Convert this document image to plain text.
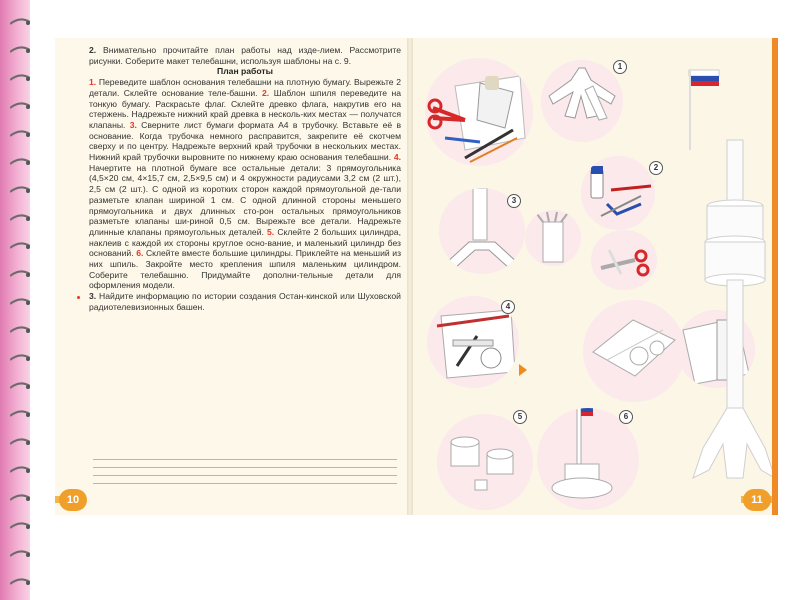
2. Внимательно прочитайте план работы над изде-лием. Рассмотрите рисунки. Соберите макет телебашни, используя шаблоны на с. 9.

План работы

1. Переведите шаблон основания телебашни на плотную бумагу. Вырежьте 2 детали. Склейте основание теле-башни. 2. Шаблон шпиля переведите на тонкую бумагу. Раскрасьте флаг. Склейте древко флага, накрутив его на стержень. Надрежьте нижний край древка в несколь-ких местах — получатся клапаны. 3. Сверните лист бумаги формата А4 в трубочку. Вставьте её в основание. Когда трубочка немного расправится, закрепите её скотчем сверху и по центру. Надрежьте верхний край трубочки в нескольких местах. Нижний край трубочки выровните по нижнему краю основания телебашни. 4. Начертите на плотной бумаге все остальные детали: 3 прямоугольника (4,5×20 см, 4×15,7 см, 2,5×9,5 см) и 4 окружности радиусами 3,2 см (2 шт.), 2,5 см (2 шт.). С одной из коротких сторон каждой прямоугольной де-тали разметьте клапан шириной 1 см. С одной длинной стороны меньшего прямоугольника и двух длинных сто-рон остальных прямоугольников разметьте клапаны ши-риной 0,5 см. Вырежьте все детали. Надрежьте длинные клапаны прямоугольных деталей. 5. Склейте 2 больших цилиндра, наклеив с каждой их стороны круглое осно-вание, и маленький цилиндр без оснований. 6. Склейте вместе большие цилиндры. Приклейте на меньший из них шпиль. Закройте место крепления шпиля маленьким цилиндром. Соберите телебашню. Придумайте дополни-тельные детали для оформления модели.

3. Найдите информацию по истории создания Остан-кинской или Шуховской радиотелевизионных башен.

10
1
2
3
4
5	6
11
